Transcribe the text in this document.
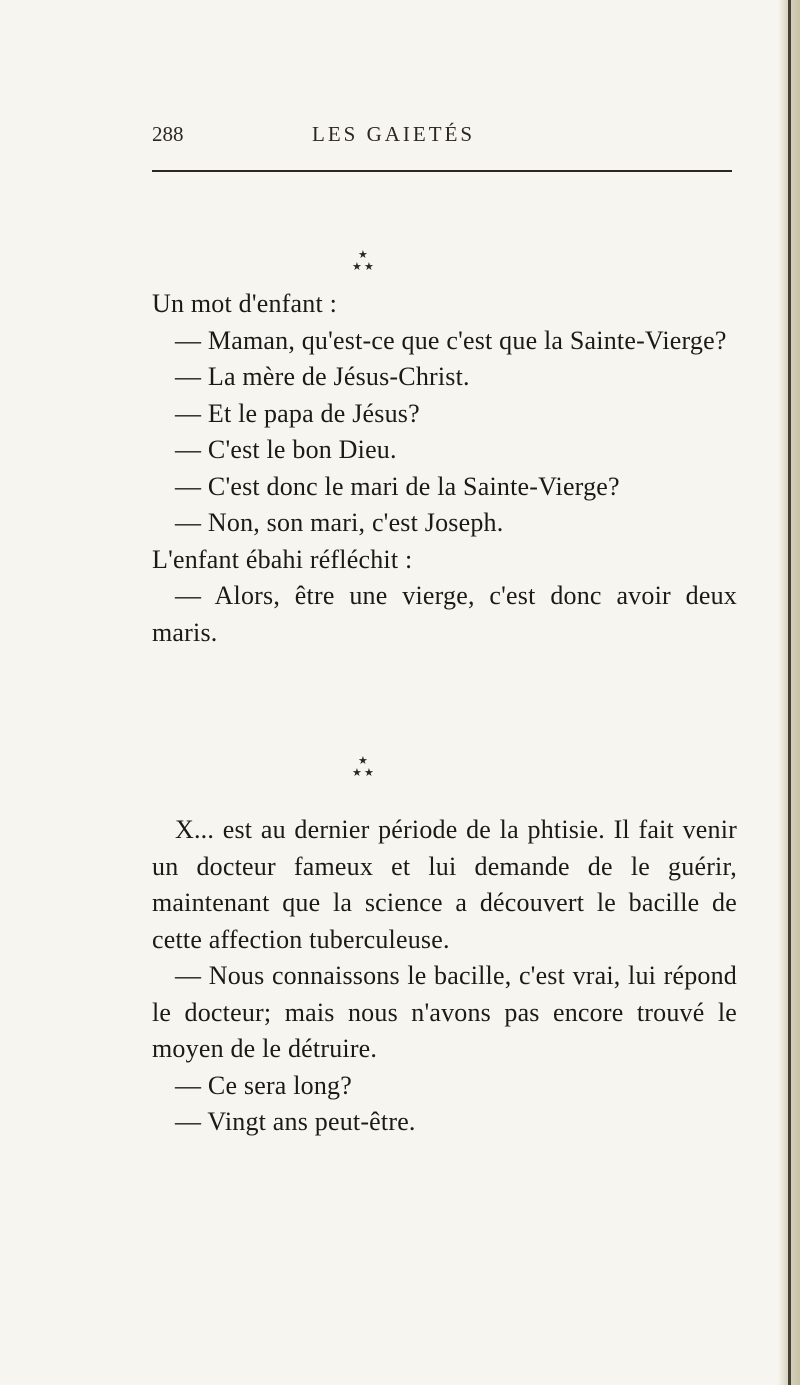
288	LES GAIETÉS
★
★ ★

Un mot d'enfant :

— Maman, qu'est-ce que c'est que la Sainte-Vierge?

— La mère de Jésus-Christ.

— Et le papa de Jésus?

— C'est le bon Dieu.

— C'est donc le mari de la Sainte-Vierge?

— Non, son mari, c'est Joseph.

L'enfant ébahi réfléchit :

— Alors, être une vierge, c'est donc avoir deux maris.

★
★ ★

X... est au dernier période de la phtisie. Il fait venir un docteur fameux et lui demande de le guérir, maintenant que la science a découvert le bacille de cette affection tuberculeuse.

— Nous connaissons le bacille, c'est vrai, lui répond le docteur; mais nous n'avons pas encore trouvé le moyen de le détruire.

— Ce sera long?

— Vingt ans peut-être.
